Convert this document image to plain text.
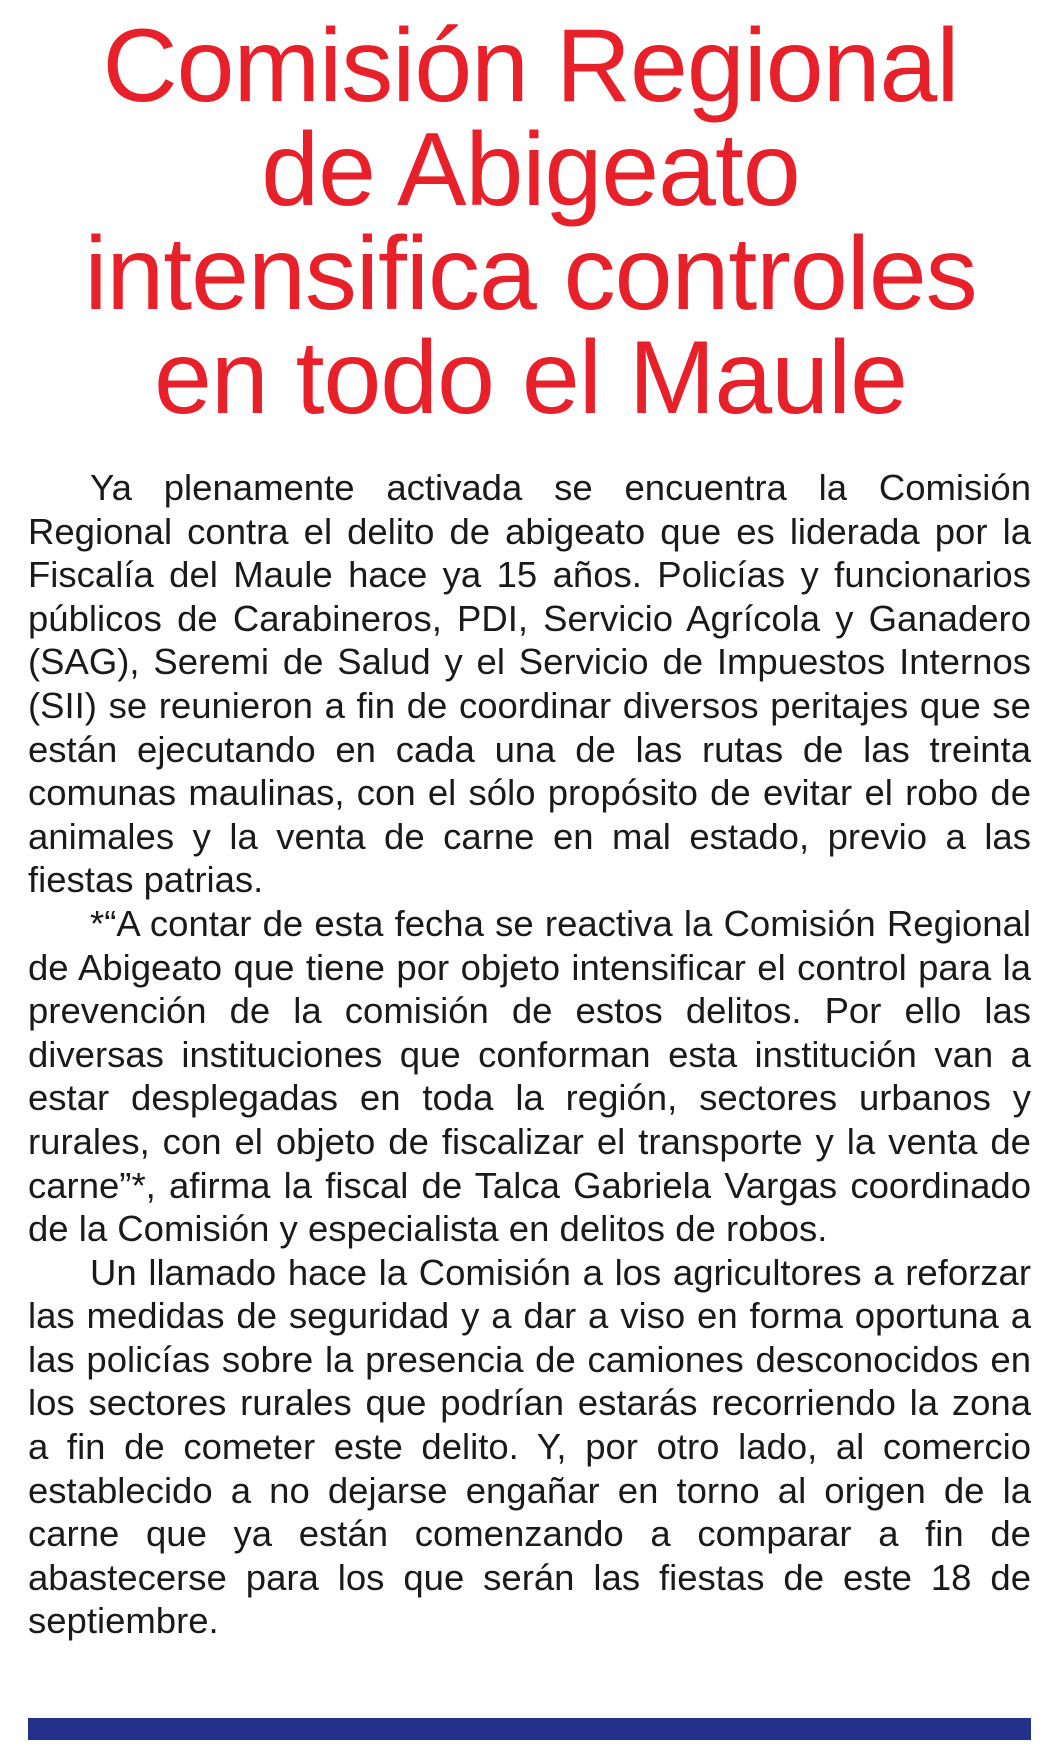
Comisión Regional
de Abigeato
intensifica controles
en todo el Maule

Ya plenamente activada se encuentra la Comisión Regional contra el delito de abigeato que es liderada por la Fiscalía del Maule hace ya 15 años. Policías y funcionarios públicos de Carabineros, PDI, Servicio Agrícola y Ganadero (SAG), Seremi de Salud y el Servicio de Impuestos Internos (SII) se reunieron a fin de coordinar diversos peritajes que se están ejecutando en cada una de las rutas de las treinta comunas maulinas, con el sólo propósito de evitar el robo de animales y la venta de carne en mal estado, previo a las fiestas patrias.

*“A contar de esta fecha se reactiva la Comisión Regional de Abigeato que tiene por objeto intensificar el control para la prevención de la comisión de estos delitos. Por ello las diversas instituciones que conforman esta institución van a estar desplegadas en toda la región, sectores urbanos y rurales, con el objeto de fiscalizar el transporte y la venta de carne”*, afirma la fiscal de Talca Gabriela Vargas coordinado de la Comisión y especialista en delitos de robos.

Un llamado hace la Comisión a los agricultores a reforzar las medidas de seguridad y a dar a viso en forma oportuna a las policías sobre la presencia de camiones desconocidos en los sectores rurales que podrían estarás recorriendo la zona a fin de cometer este delito. Y, por otro lado, al comercio establecido a no dejarse engañar en torno al origen de la carne que ya están comenzando a comparar a fin de abastecerse para los que serán las fiestas de este 18 de septiembre.
